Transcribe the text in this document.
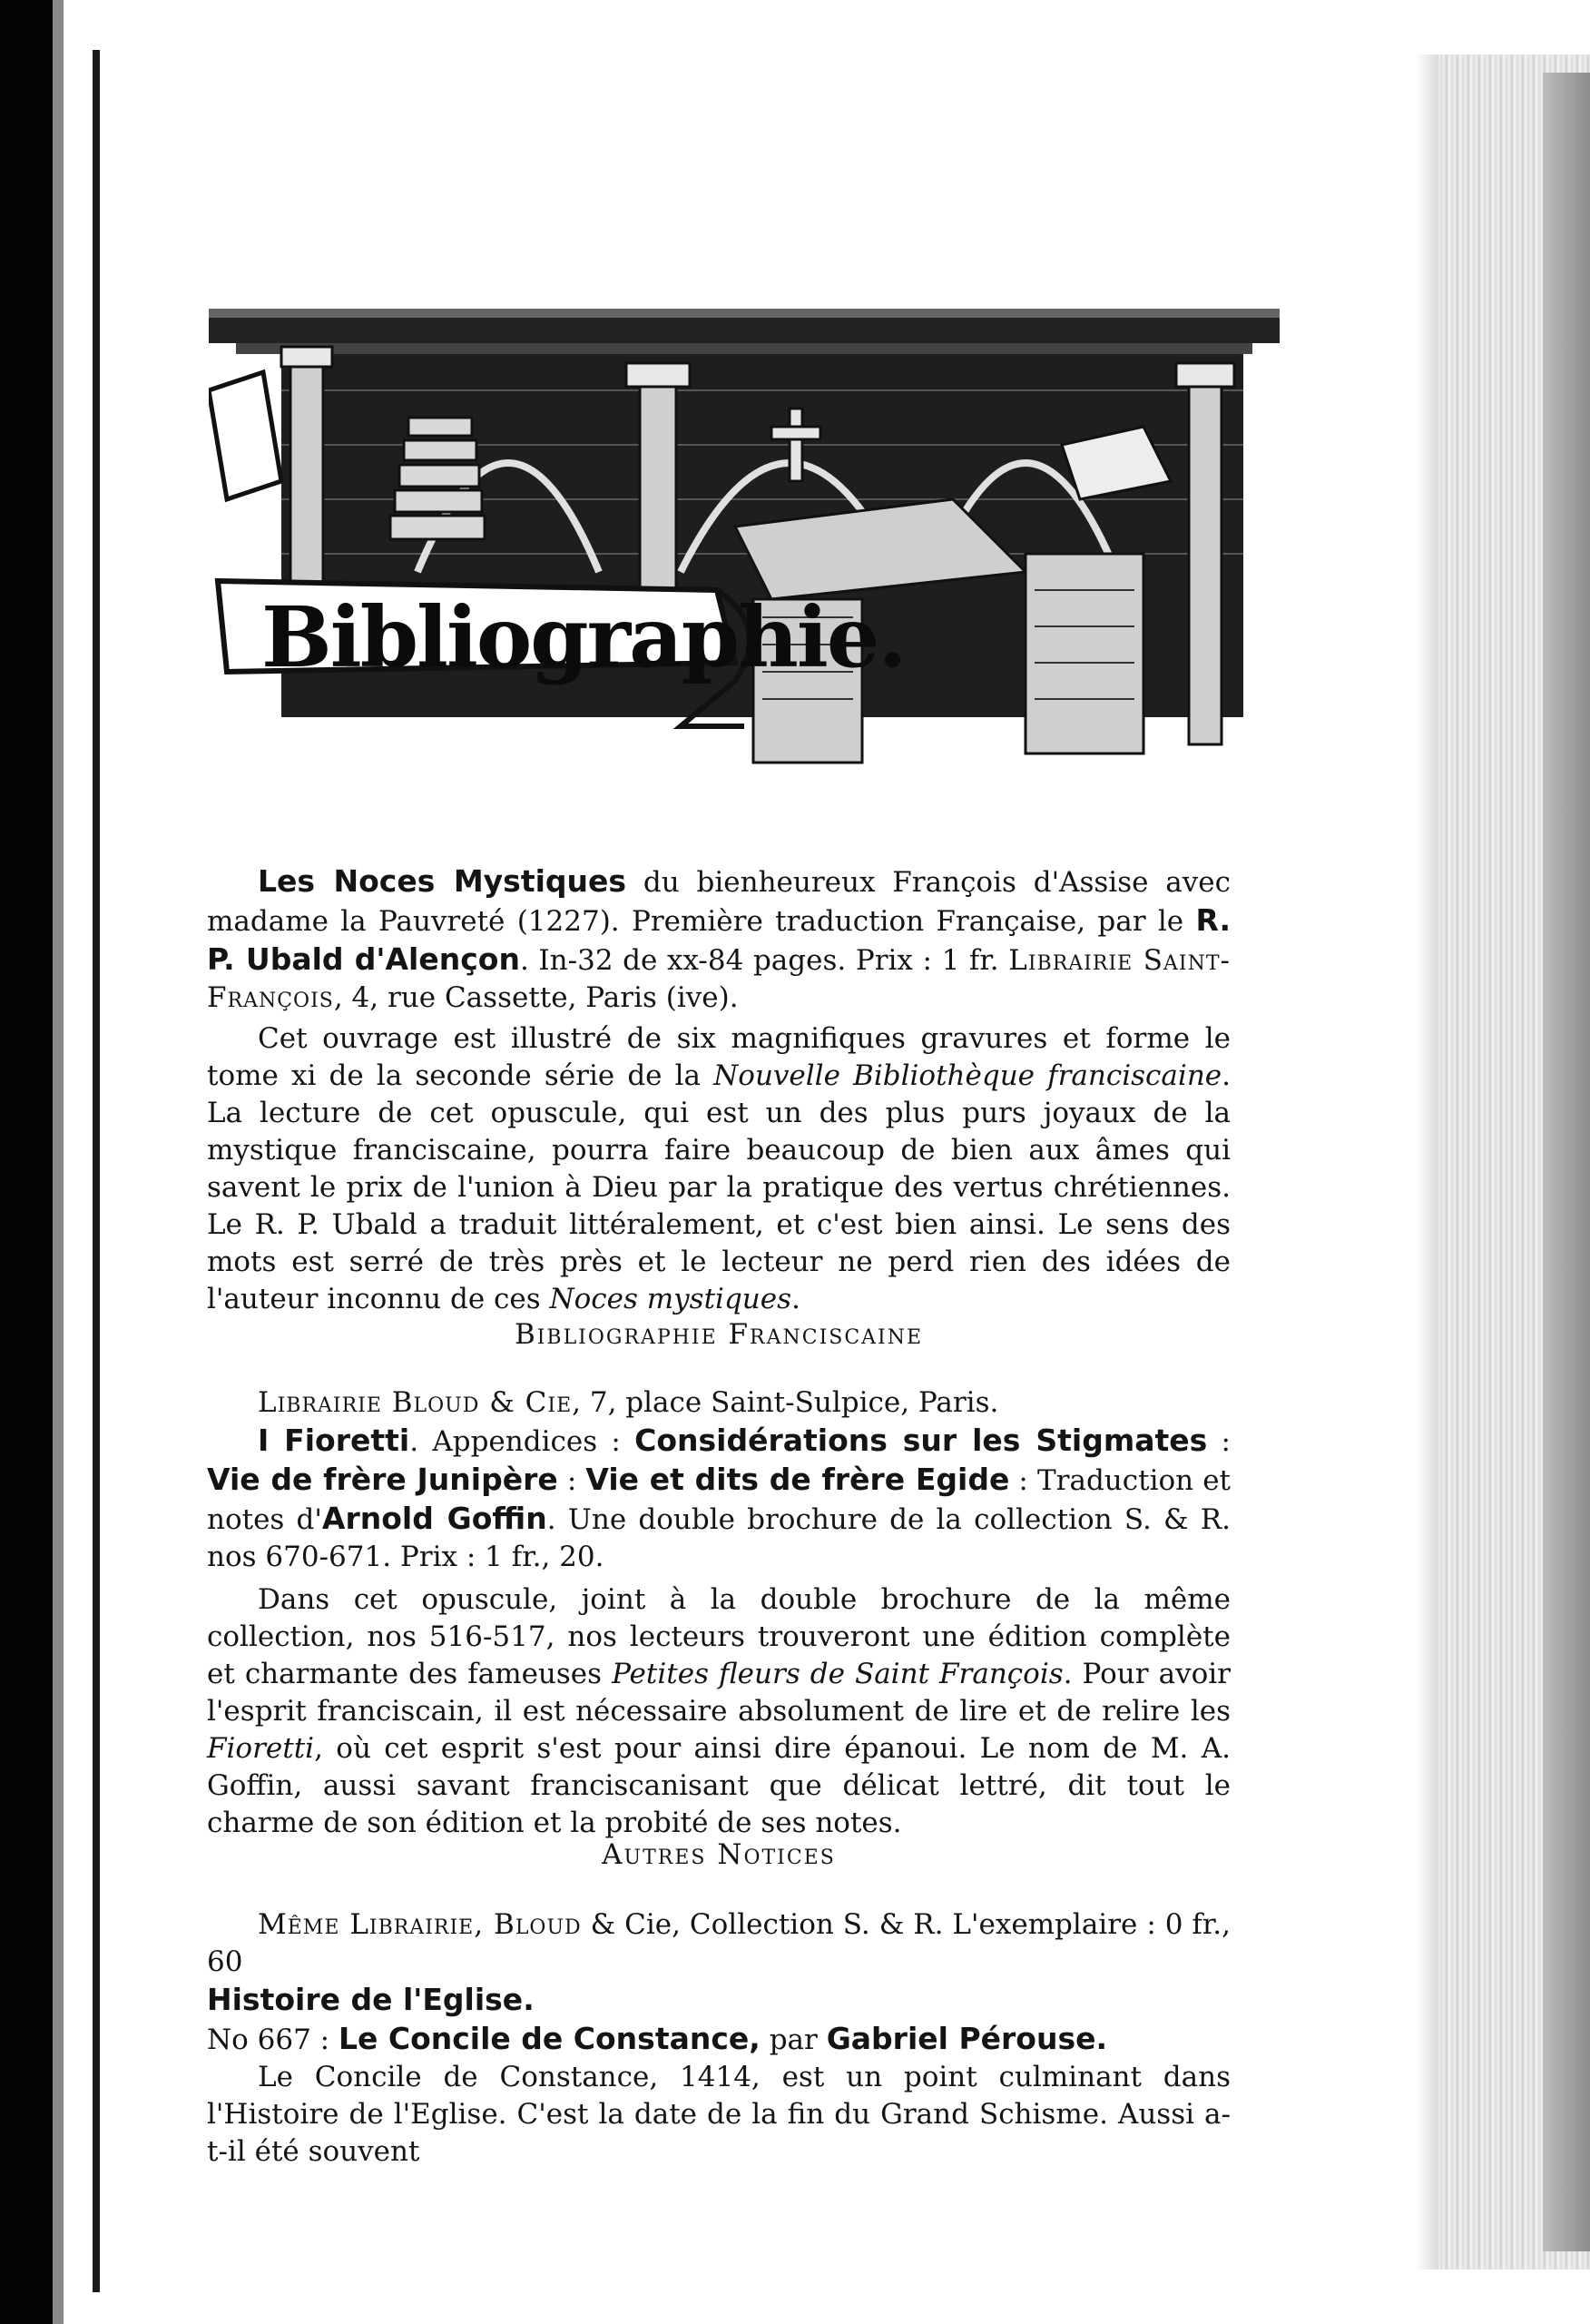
Bibliographie.

Les Noces Mystiques du bienheureux François d'Assise avec madame la Pauvreté (1227). Première traduction Française, par le R. P. Ubald d'Alençon. In-32 de xx-84 pages. Prix : 1 fr. Librairie Saint-François, 4, rue Cassette, Paris (ive).

Cet ouvrage est illustré de six magnifiques gravures et forme le tome xi de la seconde série de la Nouvelle Bibliothèque franciscaine. La lecture de cet opuscule, qui est un des plus purs joyaux de la mystique franciscaine, pourra faire beaucoup de bien aux âmes qui savent le prix de l'union à Dieu par la pratique des vertus chrétiennes. Le R. P. Ubald a traduit littéralement, et c'est bien ainsi. Le sens des mots est serré de très près et le lecteur ne perd rien des idées de l'auteur inconnu de ces Noces mystiques.

Bibliographie Franciscaine

Librairie Bloud & Cie, 7, place Saint-Sulpice, Paris.

I Fioretti. Appendices : Considérations sur les Stigmates : Vie de frère Junipère : Vie et dits de frère Egide : Traduction et notes d'Arnold Goffin. Une double brochure de la collection S. & R. nos 670-671. Prix : 1 fr., 20.

Dans cet opuscule, joint à la double brochure de la même collection, nos 516-517, nos lecteurs trouveront une édition complète et charmante des fameuses Petites fleurs de Saint François. Pour avoir l'esprit franciscain, il est nécessaire absolument de lire et de relire les Fioretti, où cet esprit s'est pour ainsi dire épanoui. Le nom de M. A. Goffin, aussi savant franciscanisant que délicat lettré, dit tout le charme de son édition et la probité de ses notes.

Autres Notices

Même Librairie, Bloud & Cie, Collection S. & R. L'exemplaire : 0 fr., 60

Histoire de l'Eglise.

No 667 : Le Concile de Constance, par Gabriel Pérouse.

Le Concile de Constance, 1414, est un point culminant dans l'Histoire de l'Eglise. C'est la date de la fin du Grand Schisme. Aussi a-t-il été souvent
